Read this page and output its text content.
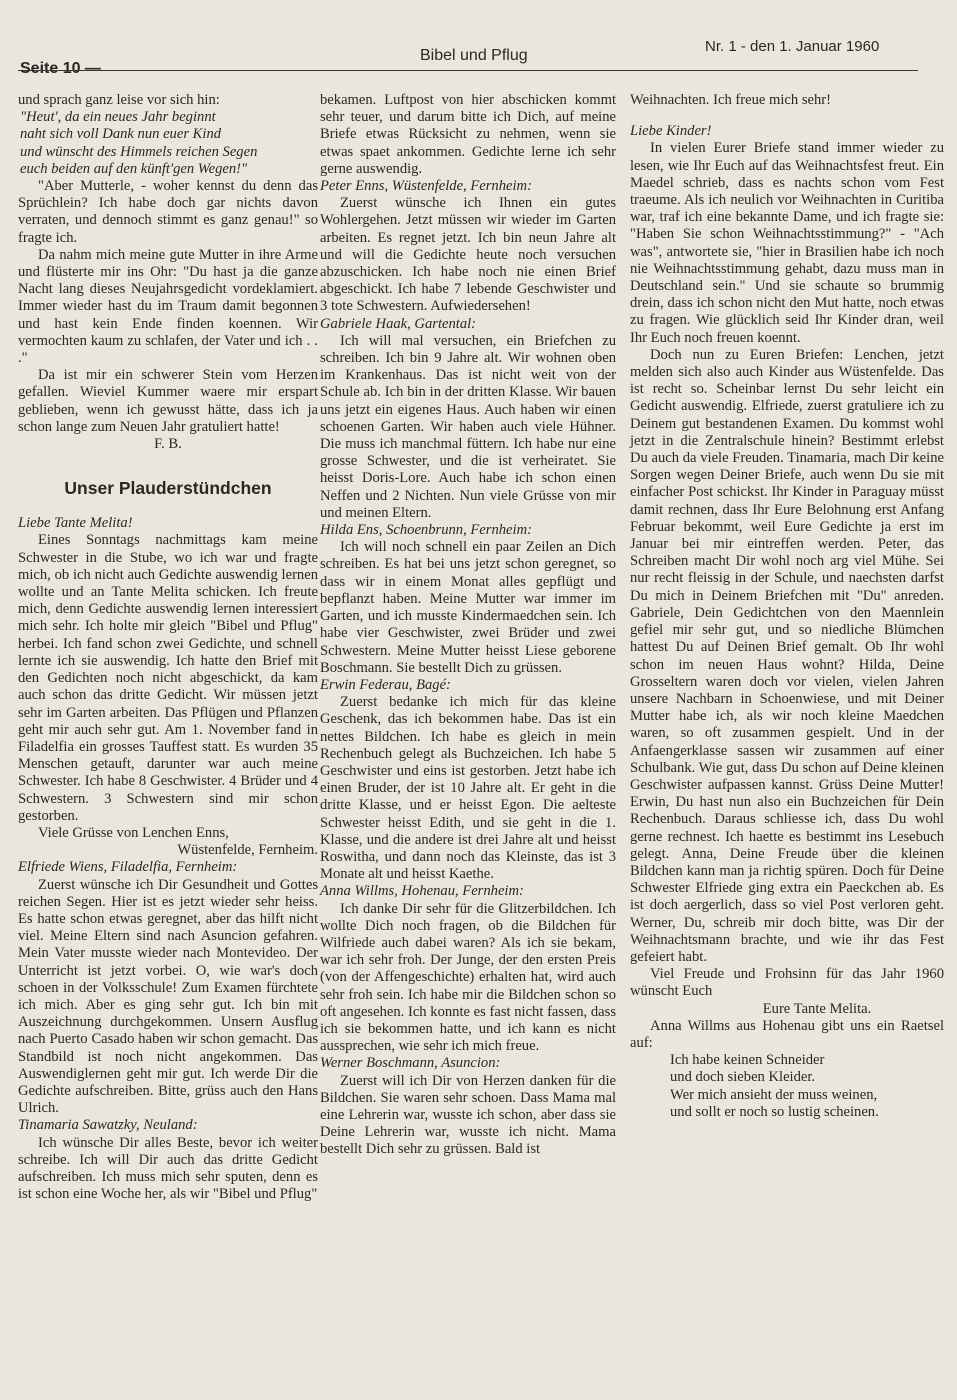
Seite 10 —
Bibel und Pflug
Nr. 1 - den 1. Januar 1960

und sprach ganz leise vor sich hin:

"Heut', da ein neues Jahr beginnt

naht sich voll Dank nun euer Kind

und wünscht des Himmels reichen Segen

euch beiden auf den künft'gen Wegen!"

"Aber Mutterle, - woher kennst du denn das Sprüchlein? Ich habe doch gar nichts davon verraten, und dennoch stimmt es ganz genau!" so fragte ich.

Da nahm mich meine gute Mutter in ihre Arme und flüsterte mir ins Ohr: "Du hast ja die ganze Nacht lang dieses Neujahrsgedicht vordeklamiert. Immer wieder hast du im Traum damit begonnen und hast kein Ende finden koennen. Wir vermochten kaum zu schlafen, der Vater und ich . . ."

Da ist mir ein schwerer Stein vom Herzen gefallen. Wieviel Kummer waere mir erspart geblieben, wenn ich gewusst hätte, dass ich ja schon lange zum Neuen Jahr gratuliert hatte!

F. B.

Unser Plauderstündchen

Liebe Tante Melita!

Eines Sonntags nachmittags kam meine Schwester in die Stube, wo ich war und fragte mich, ob ich nicht auch Gedichte auswendig lernen wollte und an Tante Melita schicken. Ich freute mich, denn Gedichte auswendig lernen interessiert mich sehr. Ich holte mir gleich "Bibel und Pflug" herbei. Ich fand schon zwei Gedichte, und schnell lernte ich sie auswendig. Ich hatte den Brief mit den Gedichten noch nicht abgeschickt, da kam auch schon das dritte Gedicht. Wir müssen jetzt sehr im Garten arbeiten. Das Pflügen und Pflanzen geht mir auch sehr gut. Am 1. November fand in Filadelfia ein grosses Tauffest statt. Es wurden 35 Menschen getauft, darunter war auch meine Schwester. Ich habe 8 Geschwister. 4 Brüder und 4 Schwestern. 3 Schwestern sind mir schon gestorben.

Viele Grüsse von Lenchen Enns,

Wüstenfelde, Fernheim.

Elfriede Wiens, Filadelfia, Fernheim:

Zuerst wünsche ich Dir Gesundheit und Gottes reichen Segen. Hier ist es jetzt wieder sehr heiss. Es hatte schon etwas geregnet, aber das hilft nicht viel. Meine Eltern sind nach Asuncion gefahren. Mein Vater musste wieder nach Montevideo. Der Unterricht ist jetzt vorbei. O, wie war's doch schoen in der Volksschule! Zum Examen fürchtete ich mich. Aber es ging sehr gut. Ich bin mit Auszeichnung durchgekommen. Unsern Ausflug nach Puerto Casado haben wir schon gemacht. Das Standbild ist noch nicht angekommen. Das Auswendiglernen geht mir gut. Ich werde Dir die Gedichte aufschreiben. Bitte, grüss auch den Hans Ulrich.

Tinamaria Sawatzky, Neuland:

Ich wünsche Dir alles Beste, bevor ich weiter schreibe. Ich will Dir auch das dritte Gedicht aufschreiben. Ich muss mich sehr sputen, denn es ist schon eine Woche her, als wir "Bibel und Pflug"

bekamen. Luftpost von hier abschicken kommt sehr teuer, und darum bitte ich Dich, auf meine Briefe etwas Rücksicht zu nehmen, wenn sie etwas spaet ankommen. Gedichte lerne ich sehr gerne auswendig.

Peter Enns, Wüstenfelde, Fernheim:

Zuerst wünsche ich Ihnen ein gutes Wohlergehen. Jetzt müssen wir wieder im Garten arbeiten. Es regnet jetzt. Ich bin neun Jahre alt und will die Gedichte heute noch versuchen abzuschicken. Ich habe noch nie einen Brief abgeschickt. Ich habe 7 lebende Geschwister und 3 tote Schwestern. Aufwiedersehen!

Gabriele Haak, Gartental:

Ich will mal versuchen, ein Briefchen zu schreiben. Ich bin 9 Jahre alt. Wir wohnen oben im Krankenhaus. Das ist nicht weit von der Schule ab. Ich bin in der dritten Klasse. Wir bauen uns jetzt ein eigenes Haus. Auch haben wir einen schoenen Garten. Wir haben auch viele Hühner. Die muss ich manchmal füttern. Ich habe nur eine grosse Schwester, und die ist verheiratet. Sie heisst Doris-Lore. Auch habe ich schon einen Neffen und 2 Nichten. Nun viele Grüsse von mir und meinen Eltern.

Hilda Ens, Schoenbrunn, Fernheim:

Ich will noch schnell ein paar Zeilen an Dich schreiben. Es hat bei uns jetzt schon geregnet, so dass wir in einem Monat alles gepflügt und bepflanzt haben. Meine Mutter war immer im Garten, und ich musste Kindermaedchen sein. Ich habe vier Geschwister, zwei Brüder und zwei Schwestern. Meine Mutter heisst Liese geborene Boschmann. Sie bestellt Dich zu grüssen.

Erwin Federau, Bagé:

Zuerst bedanke ich mich für das kleine Geschenk, das ich bekommen habe. Das ist ein nettes Bildchen. Ich habe es gleich in mein Rechenbuch gelegt als Buchzeichen. Ich habe 5 Geschwister und eins ist gestorben. Jetzt habe ich einen Bruder, der ist 10 Jahre alt. Er geht in die dritte Klasse, und er heisst Egon. Die aelteste Schwester heisst Edith, und sie geht in die 1. Klasse, und die andere ist drei Jahre alt und heisst Roswitha, und dann noch das Kleinste, das ist 3 Monate alt und heisst Kaethe.

Anna Willms, Hohenau, Fernheim:

Ich danke Dir sehr für die Glitzerbildchen. Ich wollte Dich noch fragen, ob die Bildchen für Wilfriede auch dabei waren? Als ich sie bekam, war ich sehr froh. Der Junge, der den ersten Preis (von der Affengeschichte) erhalten hat, wird auch sehr froh sein. Ich habe mir die Bildchen schon so oft angesehen. Ich konnte es fast nicht fassen, dass ich sie bekommen hatte, und ich kann es nicht aussprechen, wie sehr ich mich freue.

Werner Boschmann, Asuncion:

Zuerst will ich Dir von Herzen danken für die Bildchen. Sie waren sehr schoen. Dass Mama mal eine Lehrerin war, wusste ich schon, aber dass sie Deine Lehrerin war, wusste ich nicht. Mama bestellt Dich sehr zu grüssen. Bald ist

Weihnachten. Ich freue mich sehr!

Liebe Kinder!

In vielen Eurer Briefe stand immer wieder zu lesen, wie Ihr Euch auf das Weihnachtsfest freut. Ein Maedel schrieb, dass es nachts schon vom Fest traeume. Als ich neulich vor Weihnachten in Curitiba war, traf ich eine bekannte Dame, und ich fragte sie: "Haben Sie schon Weihnachtsstimmung?" - "Ach was", antwortete sie, "hier in Brasilien habe ich noch nie Weihnachtsstimmung gehabt, dazu muss man in Deutschland sein." Und sie schaute so brummig drein, dass ich schon nicht den Mut hatte, noch etwas zu fragen. Wie glücklich seid Ihr Kinder dran, weil Ihr Euch noch freuen koennt.

Doch nun zu Euren Briefen: Lenchen, jetzt melden sich also auch Kinder aus Wüstenfelde. Das ist recht so. Scheinbar lernst Du sehr leicht ein Gedicht auswendig. Elfriede, zuerst gratuliere ich zu Deinem gut bestandenen Examen. Du kommst wohl jetzt in die Zentralschule hinein? Bestimmt erlebst Du auch da viele Freuden. Tinamaria, mach Dir keine Sorgen wegen Deiner Briefe, auch wenn Du sie mit einfacher Post schickst. Ihr Kinder in Paraguay müsst damit rechnen, dass Ihr Eure Belohnung erst Anfang Februar bekommt, weil Eure Gedichte ja erst im Januar bei mir eintreffen werden. Peter, das Schreiben macht Dir wohl noch arg viel Mühe. Sei nur recht fleissig in der Schule, und naechsten darfst Du mich in Deinem Briefchen mit "Du" anreden. Gabriele, Dein Gedichtchen von den Maennlein gefiel mir sehr gut, und so niedliche Blümchen hattest Du auf Deinen Brief gemalt. Ob Ihr wohl schon im neuen Haus wohnt? Hilda, Deine Grosseltern waren doch vor vielen, vielen Jahren unsere Nachbarn in Schoenwiese, und mit Deiner Mutter habe ich, als wir noch kleine Maedchen waren, so oft zusammen gespielt. Und in der Anfaengerklasse sassen wir zusammen auf einer Schulbank. Wie gut, dass Du schon auf Deine kleinen Geschwister aufpassen kannst. Grüss Deine Mutter! Erwin, Du hast nun also ein Buchzeichen für Dein Rechenbuch. Daraus schliesse ich, dass Du wohl gerne rechnest. Ich haette es bestimmt ins Lesebuch gelegt. Anna, Deine Freude über die kleinen Bildchen kann man ja richtig spüren. Doch für Deine Schwester Elfriede ging extra ein Paeckchen ab. Es ist doch aergerlich, dass so viel Post verloren geht. Werner, Du, schreib mir doch bitte, was Dir der Weihnachtsmann brachte, und wie ihr das Fest gefeiert habt.

Viel Freude und Frohsinn für das Jahr 1960 wünscht Euch

Eure Tante Melita.

Anna Willms aus Hohenau gibt uns ein Raetsel auf:

Ich habe keinen Schneider

und doch sieben Kleider.

Wer mich ansieht der muss weinen,

und sollt er noch so lustig scheinen.
